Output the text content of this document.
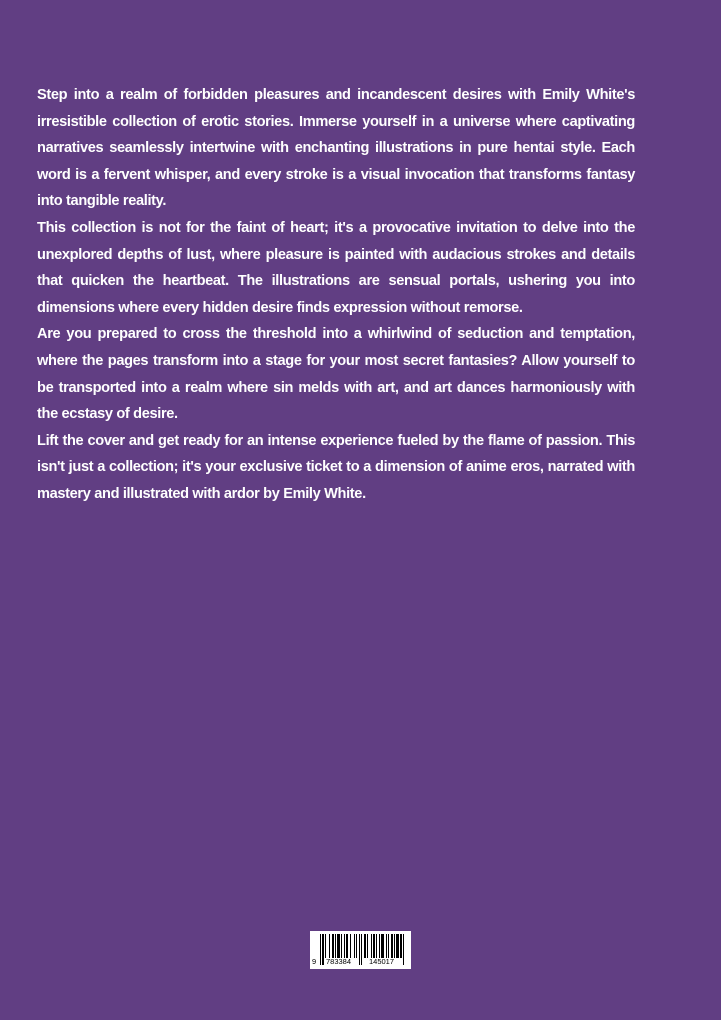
Step into a realm of forbidden pleasures and incandescent desires with Emily White's irresistible collection of erotic stories. Immerse yourself in a universe where captivating narratives seamlessly intertwine with enchanting illustrations in pure hentai style. Each word is a fervent whisper, and every stroke is a visual invocation that transforms fantasy into tangible reality.

This collection is not for the faint of heart; it's a provocative invitation to delve into the unexplored depths of lust, where pleasure is painted with audacious strokes and details that quicken the heartbeat. The illustrations are sensual portals, ushering you into dimensions where every hidden desire finds expression without remorse.

Are you prepared to cross the threshold into a whirlwind of seduction and temptation, where the pages transform into a stage for your most secret fantasies? Allow yourself to be transported into a realm where sin melds with art, and art dances harmoniously with the ecstasy of desire.

Lift the cover and get ready for an intense experience fueled by the flame of passion. This isn't just a collection; it's your exclusive ticket to a dimension of anime eros, narrated with mastery and illustrated with ardor by Emily White.

9 783384 145017
